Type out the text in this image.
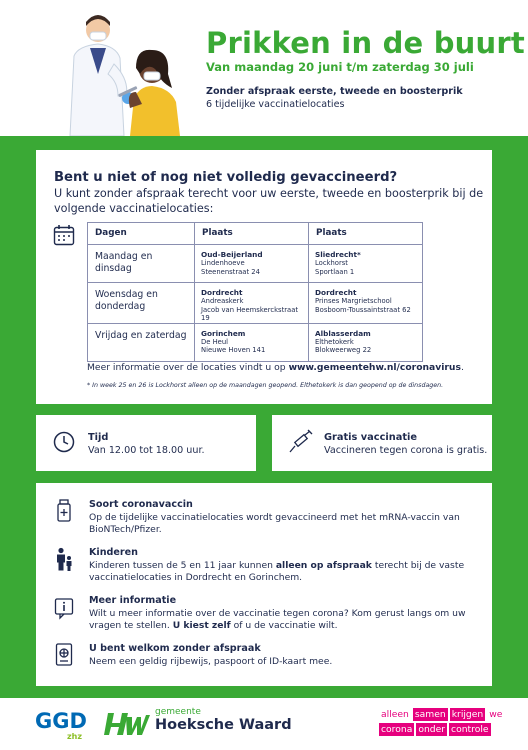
Prikken in de buurt
Van maandag 20 juni t/m zaterdag 30 juli
Zonder afspraak eerste, tweede en boosterprik
6 tijdelijke vaccinatielocaties
Bent u niet of nog niet volledig gevaccineerd?
U kunt zonder afspraak terecht voor uw eerste, tweede en boosterprik bij de volgende vaccinatielocaties:
Dagen	Plaats	Plaats
Maandag en dinsdag	Oud-Beijerland
Lindenhoeve
Steenenstraat 24	Sliedrecht*
Lockhorst
Sportlaan 1

Woensdag en donderdag	Dordrecht
Andreaskerk
Jacob van Heemskerckstraat 19	Dordrecht
Prinses Margrietschool
Bosboom-Toussaintstraat 62

Vrijdag en zaterdag	Gorinchem
De Heul
Nieuwe Hoven 141	Alblasserdam
Elthetokerk
Blokweerweg 22
Meer informatie over de locaties vindt u op www.gemeentehw.nl/coronavirus.
* In week 25 en 26 is Lockhorst alleen op de maandagen geopend. Elthetokerk is dan geopend op de dinsdagen.
Tijd
Van 12.00 tot 18.00 uur.
Gratis vaccinatie
Vaccineren tegen corona is gratis.
Soort coronavaccin
Op de tijdelijke vaccinatielocaties wordt gevaccineerd met het mRNA-vaccin van BioNTech/Pfizer.
Kinderen
Kinderen tussen de 5 en 11 jaar kunnen alleen op afspraak terecht bij de vaste vaccinatielocaties in Dordrecht en Gorinchem.
Meer informatie
Wilt u meer informatie over de vaccinatie tegen corona? Kom gerust langs om uw vragen te stellen. U kiest zelf of u de vaccinatie wilt.
U bent welkom zonder afspraak
Neem een geldig rijbewijs, paspoort of ID-kaart mee.
GGD
zhz
gemeente
Hoeksche Waard
alleen samen krijgen we
corona onder controle
